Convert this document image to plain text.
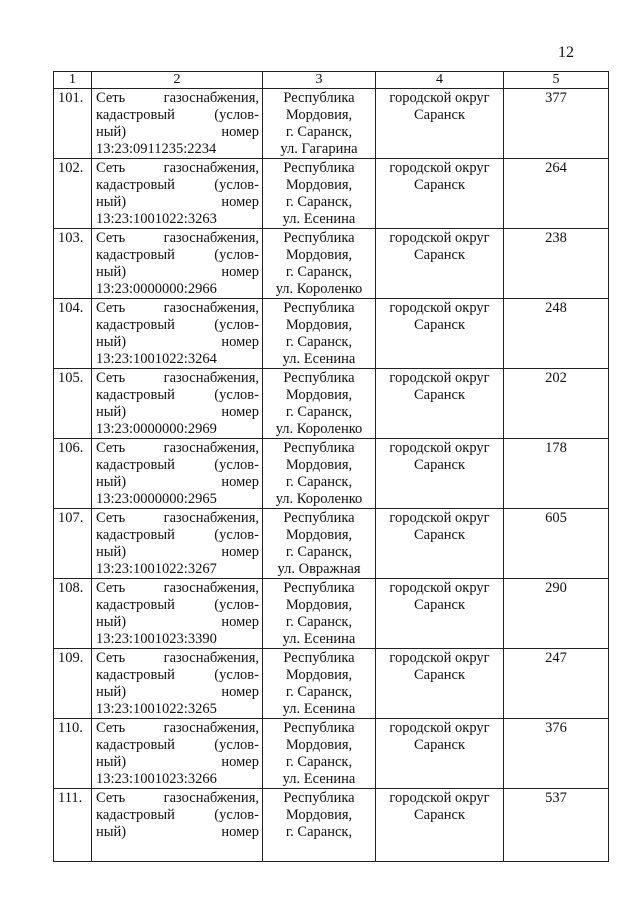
12
1	2	3	4	5
101.	Сеть газоснабжения,
кадастровый (услов-
ный) номер
13:23:0911235:2234	Республика
Мордовия,
г. Саранск,
ул. Гагарина	городской округ
Саранск	377
102.	Сеть газоснабжения,
кадастровый (услов-
ный) номер
13:23:1001022:3263	Республика
Мордовия,
г. Саранск,
ул. Есенина	городской округ
Саранск	264
103.	Сеть газоснабжения,
кадастровый (услов-
ный) номер
13:23:0000000:2966	Республика
Мордовия,
г. Саранск,
ул. Короленко	городской округ
Саранск	238
104.	Сеть газоснабжения,
кадастровый (услов-
ный) номер
13:23:1001022:3264	Республика
Мордовия,
г. Саранск,
ул. Есенина	городской округ
Саранск	248
105.	Сеть газоснабжения,
кадастровый (услов-
ный) номер
13:23:0000000:2969	Республика
Мордовия,
г. Саранск,
ул. Короленко	городской округ
Саранск	202
106.	Сеть газоснабжения,
кадастровый (услов-
ный) номер
13:23:0000000:2965	Республика
Мордовия,
г. Саранск,
ул. Короленко	городской округ
Саранск	178
107.	Сеть газоснабжения,
кадастровый (услов-
ный) номер
13:23:1001022:3267	Республика
Мордовия,
г. Саранск,
ул. Овражная	городской округ
Саранск	605
108.	Сеть газоснабжения,
кадастровый (услов-
ный) номер
13:23:1001023:3390	Республика
Мордовия,
г. Саранск,
ул. Есенина	городской округ
Саранск	290
109.	Сеть газоснабжения,
кадастровый (услов-
ный) номер
13:23:1001022:3265	Республика
Мордовия,
г. Саранск,
ул. Есенина	городской округ
Саранск	247
110.	Сеть газоснабжения,
кадастровый (услов-
ный) номер
13:23:1001023:3266	Республика
Мордовия,
г. Саранск,
ул. Есенина	городской округ
Саранск	376
111.	Сеть газоснабжения,
кадастровый (услов-
ный) номер	Республика
Мордовия,
г. Саранск,	городской округ
Саранск	537
